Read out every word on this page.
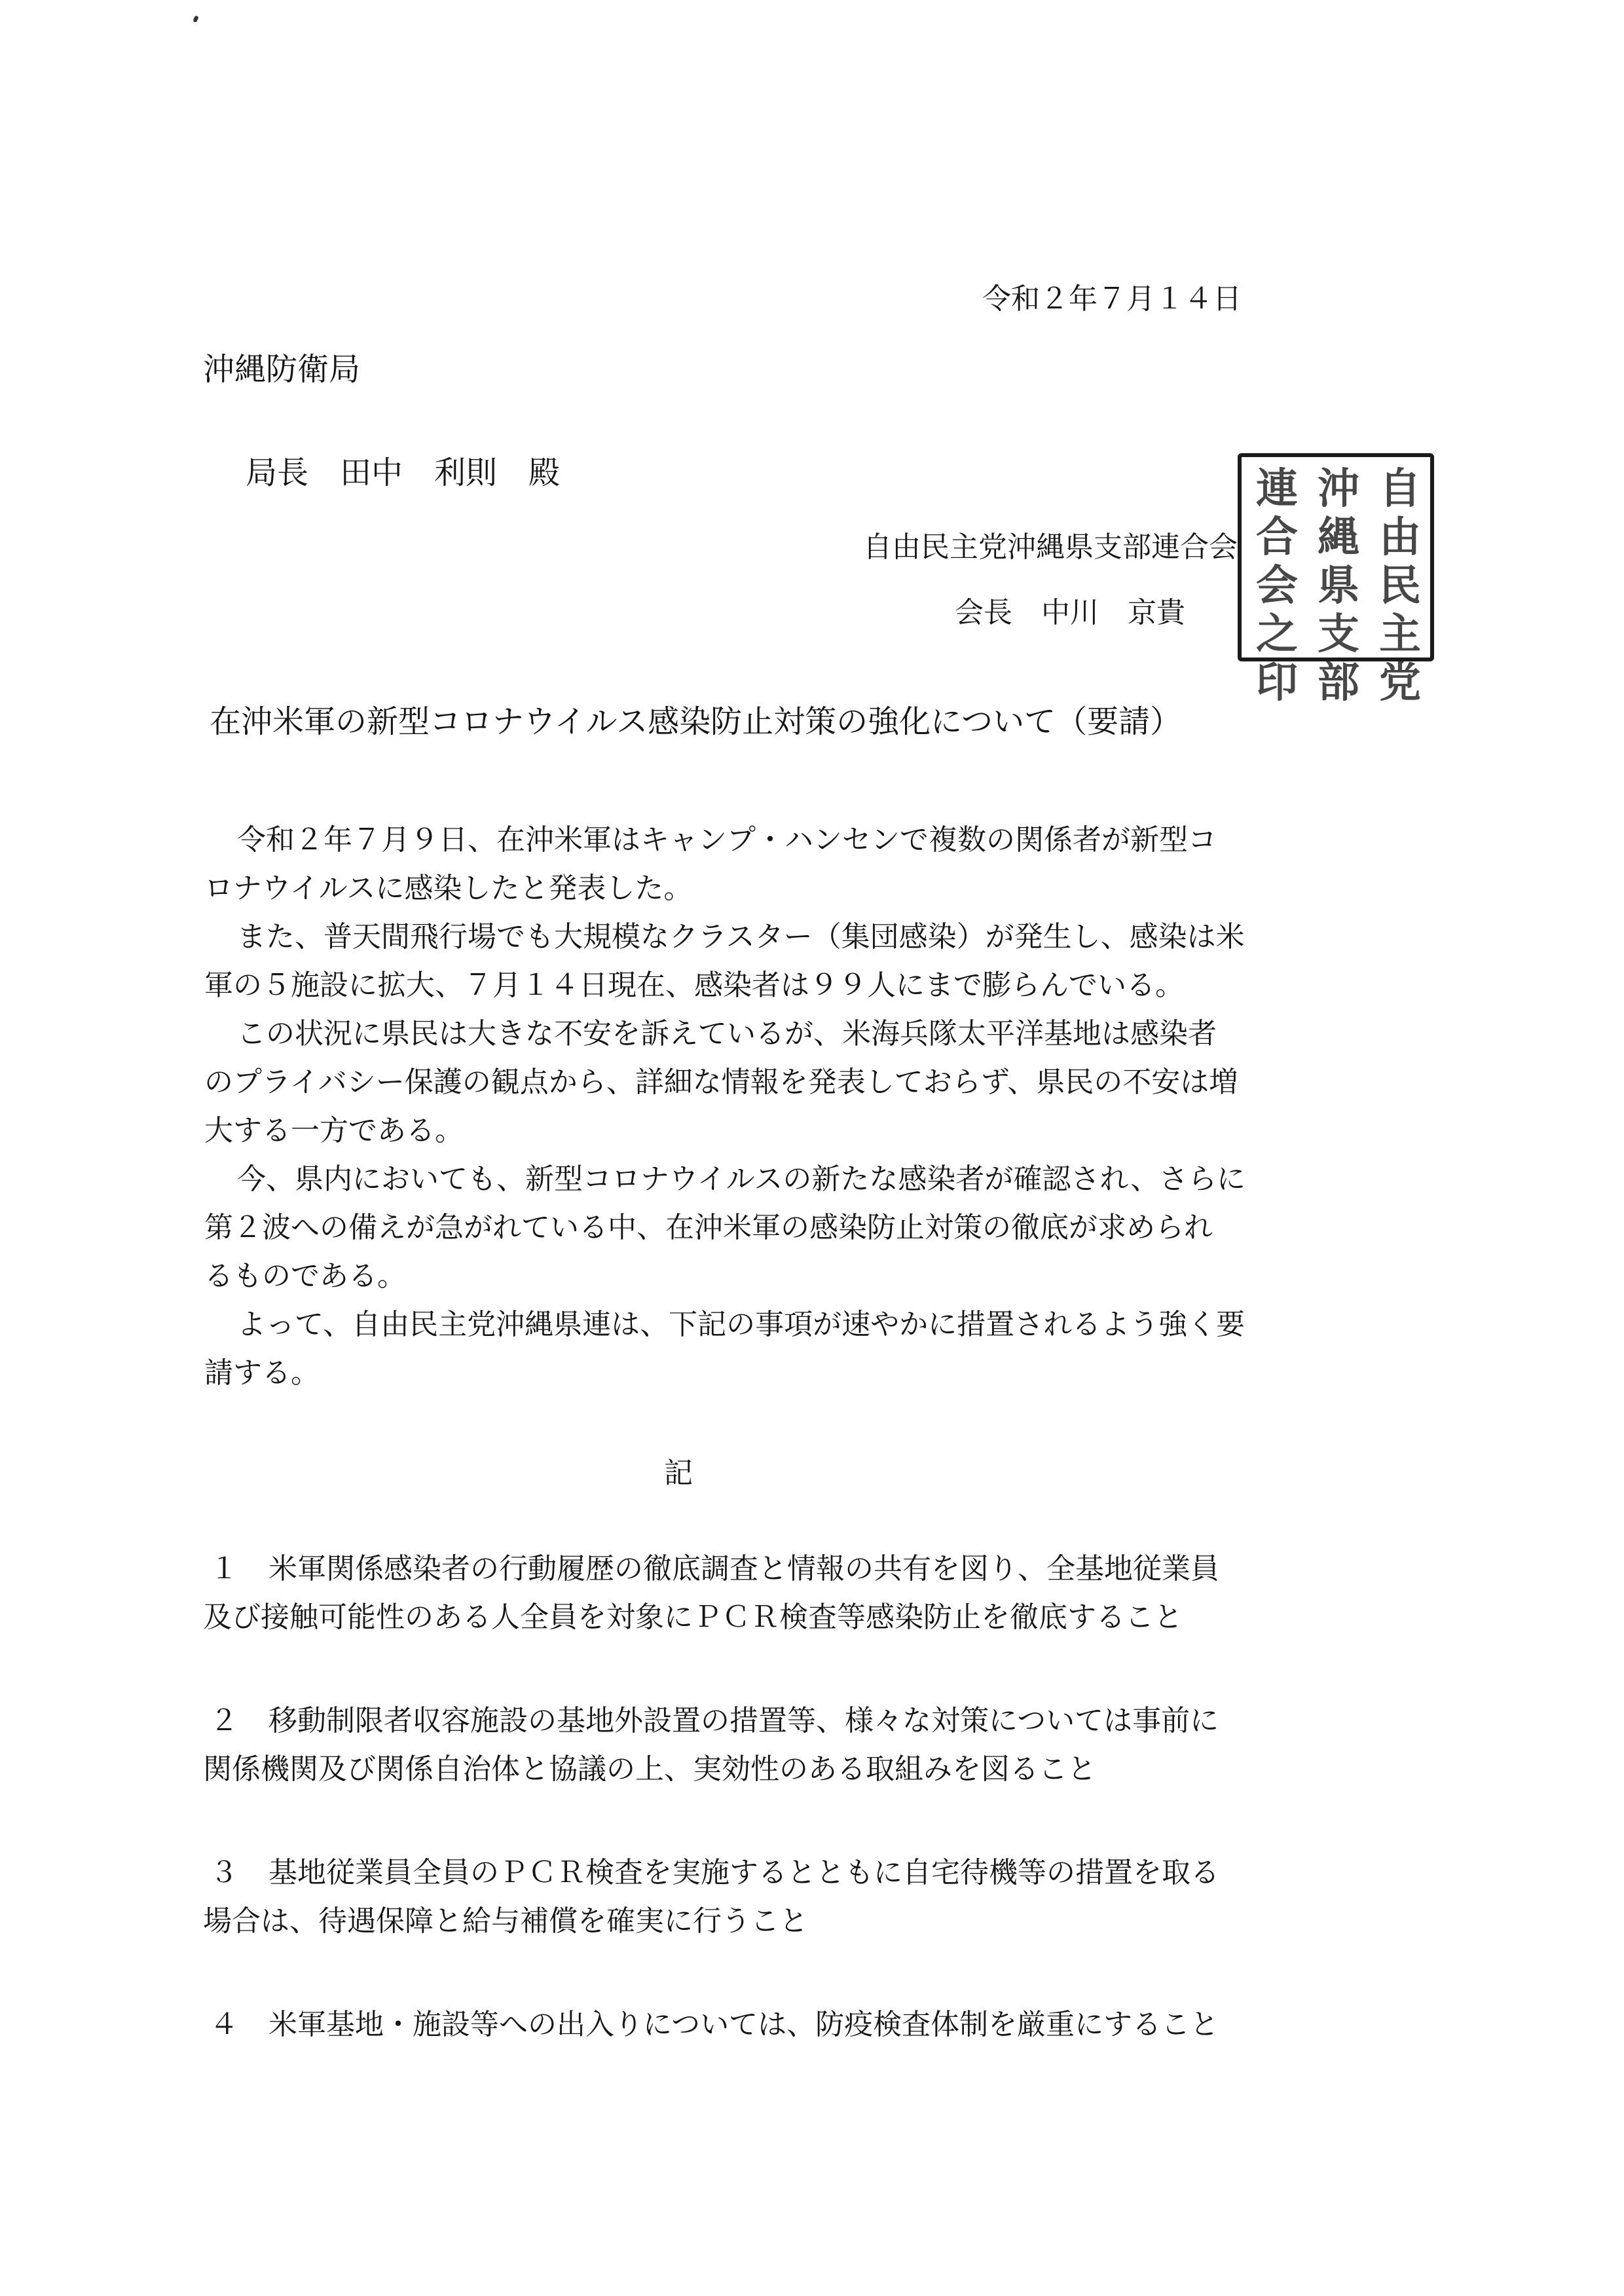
令和２年７月１４日
沖縄防衛局
局長　田中　利則　殿
自由民主党沖縄県支部連合会
会長　中川　京貴
連
合
会
之
印
沖
縄
県
支
部
自
由
民
主
党
在沖米軍の新型コロナウイルス感染防止対策の強化について（要請）
令和２年７月９日、在沖米軍はキャンプ・ハンセンで複数の関係者が新型コ
ロナウイルスに感染したと発表した。
また、普天間飛行場でも大規模なクラスター（集団感染）が発生し、感染は米
軍の５施設に拡大、７月１４日現在、感染者は９９人にまで膨らんでいる。
この状況に県民は大きな不安を訴えているが、米海兵隊太平洋基地は感染者
のプライバシー保護の観点から、詳細な情報を発表しておらず、県民の不安は増
大する一方である。
今、県内においても、新型コロナウイルスの新たな感染者が確認され、さらに
第２波への備えが急がれている中、在沖米軍の感染防止対策の徹底が求められ
るものである。
よって、自由民主党沖縄県連は、下記の事項が速やかに措置されるよう強く要
請する。
記
１ 米軍関係感染者の行動履歴の徹底調査と情報の共有を図り、全基地従業員
及び接触可能性のある人全員を対象にＰＣＲ検査等感染防止を徹底すること
２ 移動制限者収容施設の基地外設置の措置等、様々な対策については事前に
関係機関及び関係自治体と協議の上、実効性のある取組みを図ること
３ 基地従業員全員のＰＣＲ検査を実施するとともに自宅待機等の措置を取る
場合は、待遇保障と給与補償を確実に行うこと
４ 米軍基地・施設等への出入りについては、防疫検査体制を厳重にすること
